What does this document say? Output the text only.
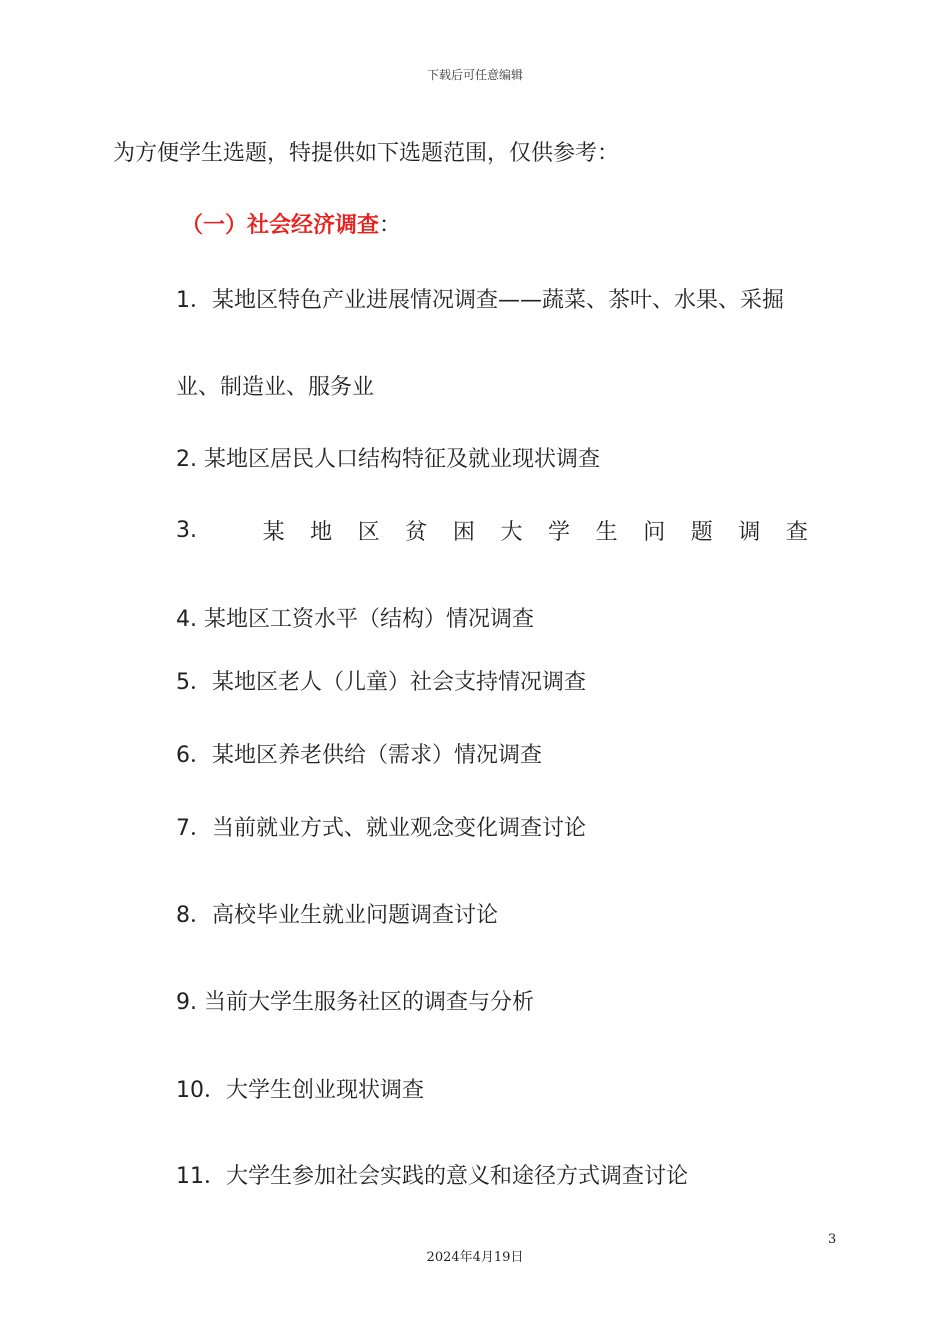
下载后可任意编辑
为方便学生选题，特提供如下选题范围，仅供参考：
（一）社会经济调查：
1．某地区特色产业进展情况调查——蔬菜、茶叶、水果、采掘
业、制造业、服务业
2. 某地区居民人口结构特征及就业现状调查
3.	某 地 区 贫 困 大 学 生 问 题 调 查
4. 某地区工资水平（结构）情况调查
5．某地区老人（儿童）社会支持情况调查
6．某地区养老供给（需求）情况调查
7．当前就业方式、就业观念变化调查讨论
8．高校毕业生就业问题调查讨论
9. 当前大学生服务社区的调查与分析
10．大学生创业现状调查
11．大学生参加社会实践的意义和途径方式调查讨论
3
2024年4月19日
